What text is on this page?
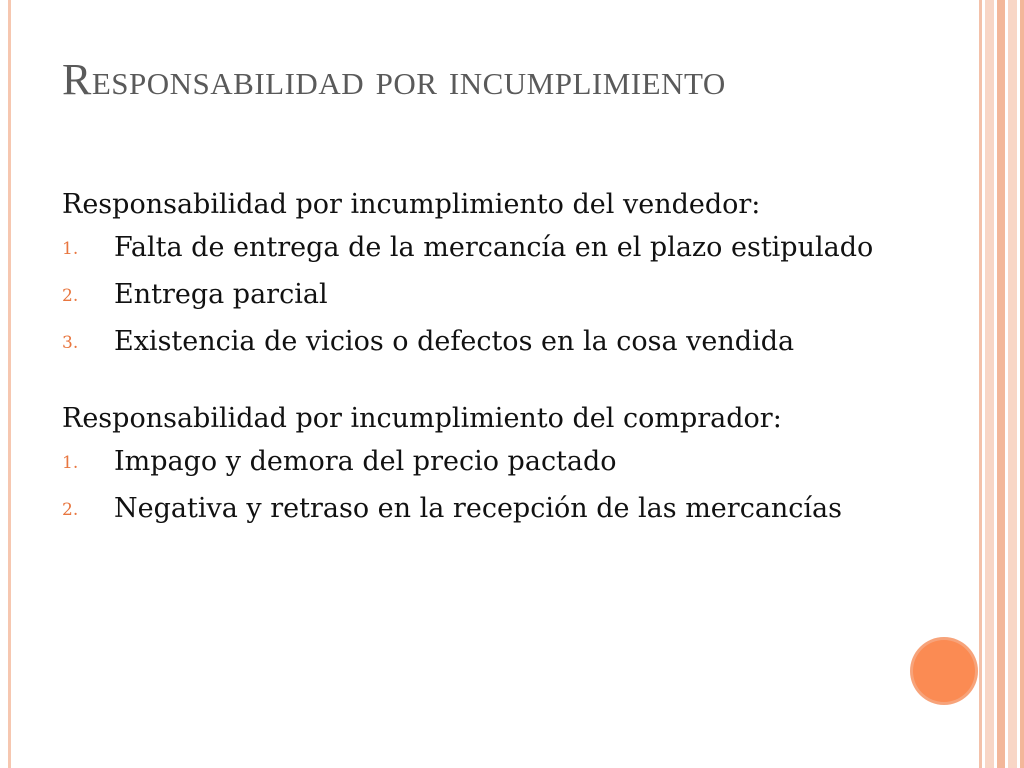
Responsabilidad por incumplimiento

Responsabilidad por incumplimiento del vendedor:

1. Falta de entrega de la mercancía en el plazo estipulado
2. Entrega parcial
3. Existencia de vicios o defectos en la cosa vendida

Responsabilidad por incumplimiento del comprador:

1. Impago y demora del precio pactado
2. Negativa y retraso en la recepción de las mercancías
